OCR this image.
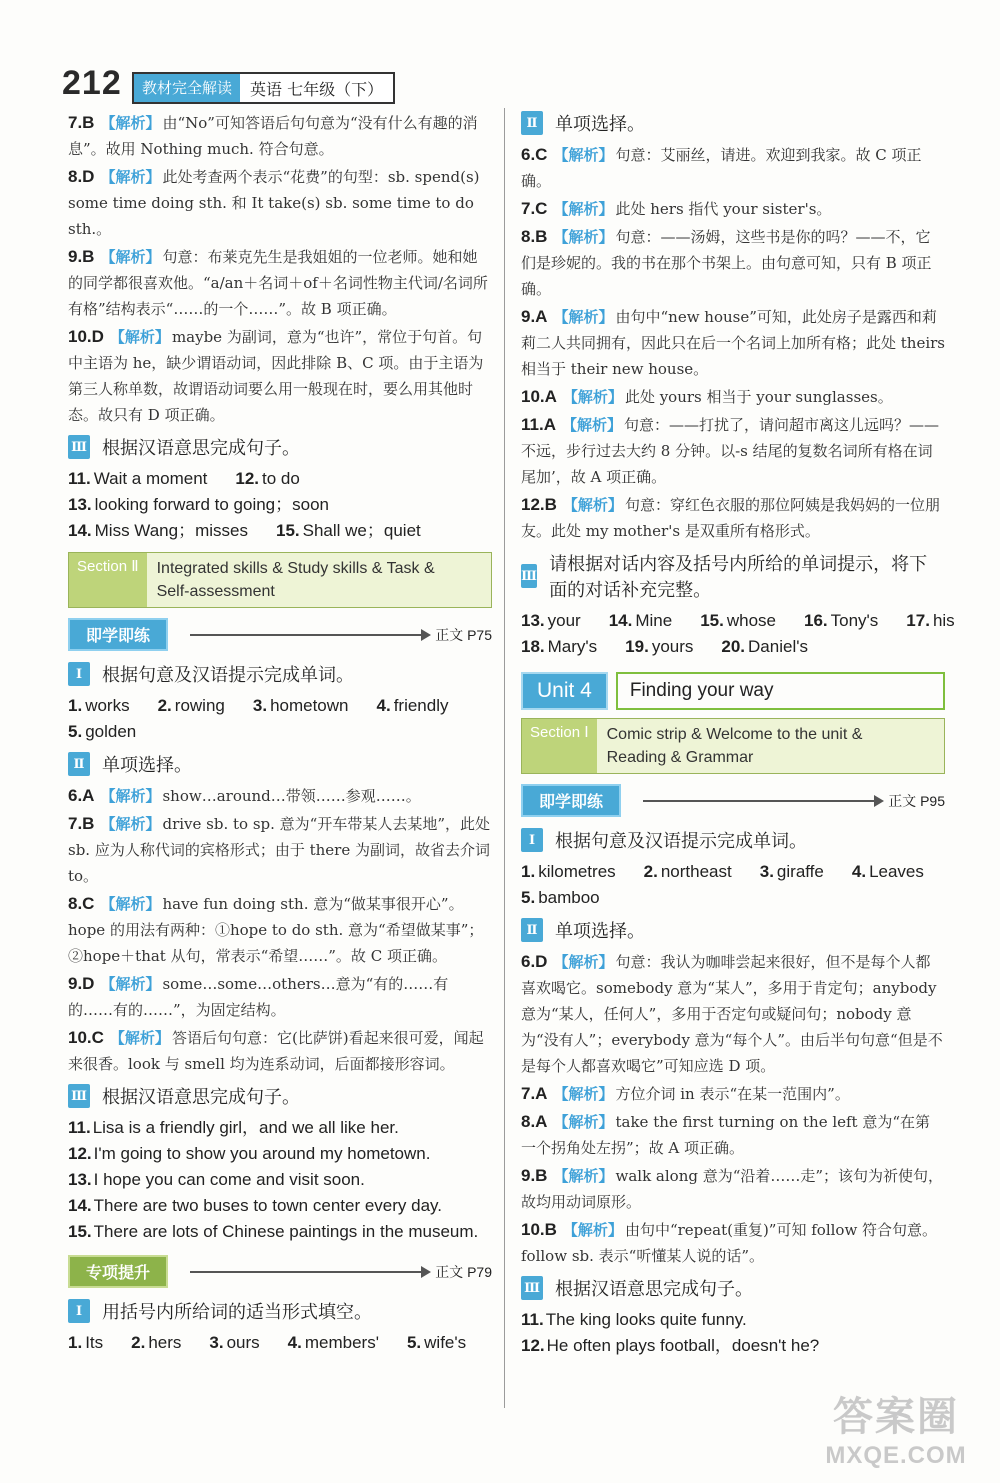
212	教材完全解读	英语 七年级（下）
7.B 【解析】 由“No”可知答语后句句意为“没有什么有趣的消息”。故用 Nothing much. 符合句意。
8.D 【解析】 此处考查两个表示“花费”的句型：sb. spend(s) some time doing sth. 和 It take(s) sb. some time to do sth.。
9.B 【解析】 句意：布莱克先生是我姐姐的一位老师。她和她的同学都很喜欢他。“a/an＋名词＋of＋名词性物主代词/名词所有格”结构表示“……的一个……”。故 B 项正确。
10.D 【解析】 maybe 为副词，意为“也许”，常位于句首。句中主语为 he，缺少谓语动词，因此排除 B、C 项。由于主语为第三人称单数，故谓语动词要么用一般现在时，要么用其他时态。故只有 D 项正确。
Ⅲ 根据汉语意思完成句子。
11. Wait a moment 12. to do
13. looking forward to going；soon
14. Miss Wang；misses 15. Shall we；quiet
Section Ⅱ	Integrated skills & Study skills & Task &
Self-assessment
即学即练	正文 P75
Ⅰ	根据句意及汉语提示完成单词。
1. works 2. rowing 3. hometown 4. friendly
5. golden
Ⅱ 单项选择。
6.A 【解析】 show…around…带领……参观……。
7.B 【解析】 drive sb. to sp. 意为“开车带某人去某地”，此处 sb. 应为人称代词的宾格形式；由于 there 为副词，故省去介词 to。
8.C 【解析】 have fun doing sth. 意为“做某事很开心”。hope 的用法有两种：①hope to do sth. 意为“希望做某事”；②hope＋that 从句，常表示“希望……”。故 C 项正确。
9.D 【解析】 some…some…others…意为“有的……有的……有的……”，为固定结构。
10.C 【解析】 答语后句句意：它(比萨饼)看起来很可爱，闻起来很香。look 与 smell 均为连系动词，后面都接形容词。
Ⅲ 根据汉语意思完成句子。
11. Lisa is a friendly girl，and we all like her.
12. I'm going to show you around my hometown.
13. I hope you can come and visit soon.
14. There are two buses to town center every day.
15. There are lots of Chinese paintings in the museum.
专项提升	正文 P79
Ⅰ	用括号内所给词的适当形式填空。
1. Its 2. hers 3. ours 4. members' 5. wife's
Ⅱ 单项选择。
6.C 【解析】 句意：艾丽丝，请进。欢迎到我家。故 C 项正确。
7.C 【解析】 此处 hers 指代 your sister's。
8.B 【解析】 句意：——汤姆，这些书是你的吗？——不，它们是珍妮的。我的书在那个书架上。由句意可知，只有 B 项正确。
9.A 【解析】 由句中“new house”可知，此处房子是露西和莉莉二人共同拥有，因此只在后一个名词上加所有格；此处 theirs 相当于 their new house。
10.A 【解析】 此处 yours 相当于 your sunglasses。
11.A 【解析】 句意：——打扰了，请问超市离这儿远吗？——不远，步行过去大约 8 分钟。以-s 结尾的复数名词所有格在词尾加’，故 A 项正确。
12.B 【解析】 句意：穿红色衣服的那位阿姨是我妈妈的一位朋友。此处 my mother's 是双重所有格形式。
Ⅲ
请根据对话内容及括号内所给的单词提示，将下面的对话补充完整。
13. your 14. Mine 15. whose 16. Tony's 17. his
18. Mary's 19. yours 20. Daniel's
Unit 4	Finding your way
Section Ⅰ	Comic strip & Welcome to the unit &
Reading & Grammar
即学即练	正文 P95
Ⅰ	根据句意及汉语提示完成单词。
1. kilometres 2. northeast 3. giraffe 4. Leaves
5. bamboo
Ⅱ 单项选择。
6.D 【解析】 句意：我认为咖啡尝起来很好，但不是每个人都喜欢喝它。somebody 意为“某人”，多用于肯定句；anybody 意为“某人，任何人”，多用于否定句或疑问句；nobody 意为“没有人”；everybody 意为“每个人”。由后半句句意“但是不是每个人都喜欢喝它”可知应选 D 项。
7.A 【解析】 方位介词 in 表示“在某一范围内”。
8.A 【解析】 take the first turning on the left 意为“在第一个拐角处左拐”；故 A 项正确。
9.B 【解析】 walk along 意为“沿着……走”；该句为祈使句，故均用动词原形。
10.B 【解析】 由句中“repeat(重复)”可知 follow 符合句意。follow sb. 表示“听懂某人说的话”。
Ⅲ 根据汉语意思完成句子。
11. The king looks quite funny.
12. He often plays football，doesn't he?
答案圈
MXQE.COM
